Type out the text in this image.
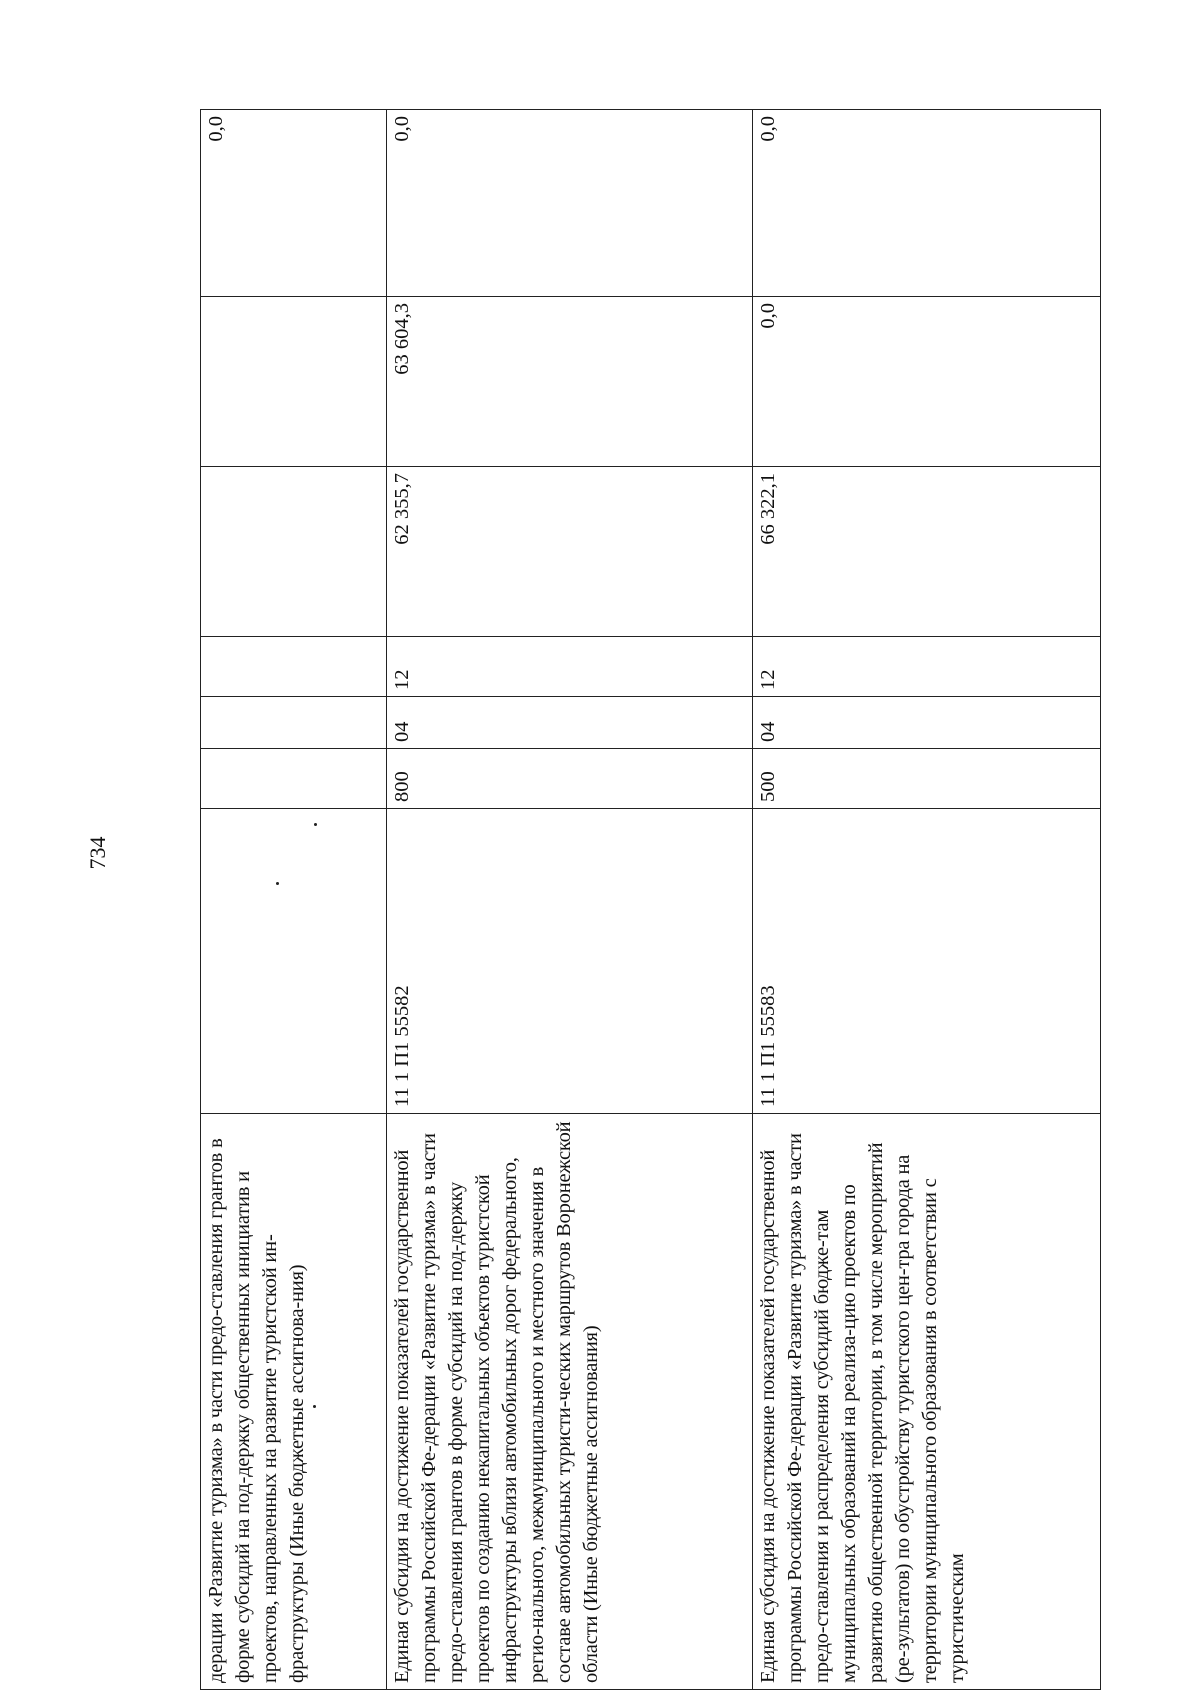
734
дерации «Развитие туризма» в части предо-ставления грантов в форме субсидий на под-держку общественных инициатив и проектов, направленных на развитие туристской ин-фраструктуры (Иные бюджетные ассигнова-ния)							0,0
Единая субсидия на достижение показателей государственной программы Российской Фе-дерации «Развитие туризма» в части предо-ставления грантов в форме субсидий на под-держку проектов по созданию некапитальных объектов туристской инфраструктуры вблизи автомобильных дорог федерального, регио-нального, межмуниципального и местного значения в составе автомобильных туристи-ческих маршрутов Воронежской области (Иные бюджетные ассигнования)	11 1 П1 55582	800	04	12	62 355,7	63 604,3	0,0
Единая субсидия на достижение показателей государственной программы Российской Фе-дерации «Развитие туризма» в части предо-ставления и распределения субсидий бюдже-там муниципальных образований на реализа-цию проектов по развитию общественной территории, в том числе мероприятий (ре-зультатов) по обустройству туристского цен-тра города на территории муниципального образования в соответствии с туристическим	11 1 П1 55583	500	04	12	66 322,1	0,0	0,0
